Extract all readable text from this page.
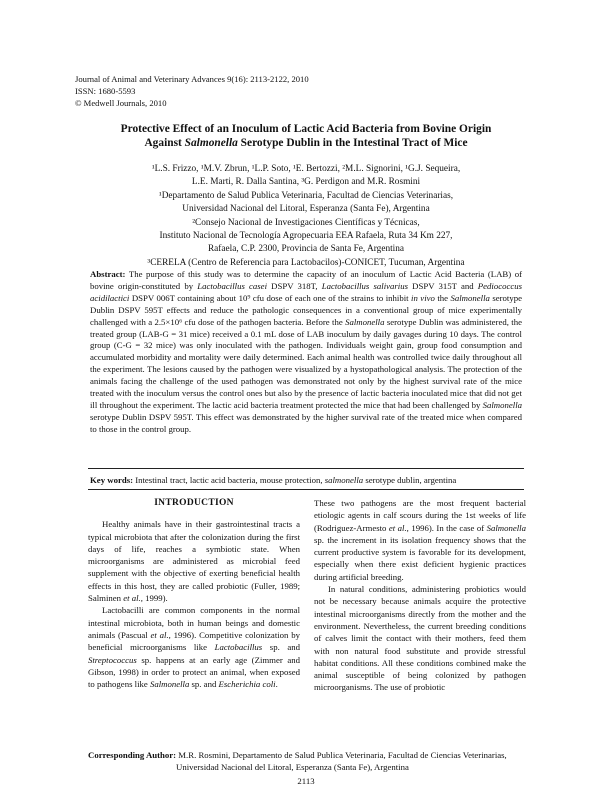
Journal of Animal and Veterinary Advances 9(16): 2113-2122, 2010
ISSN: 1680-5593
© Medwell Journals, 2010
Protective Effect of an Inoculum of Lactic Acid Bacteria from Bovine Origin
Against Salmonella Serotype Dublin in the Intestinal Tract of Mice
¹L.S. Frizzo, ¹M.V. Zbrun, ¹L.P. Soto, ¹E. Bertozzi, ²M.L. Signorini, ¹G.J. Sequeira,
L.E. Marti, R. Dalla Santina, ³G. Perdigon and M.R. Rosmini
¹Departamento de Salud Publica Veterinaria, Facultad de Ciencias Veterinarias,
Universidad Nacional del Litoral, Esperanza (Santa Fe), Argentina
²Consejo Nacional de Investigaciones Científicas y Técnicas,
Instituto Nacional de Tecnología Agropecuaria EEA Rafaela, Ruta 34 Km 227,
Rafaela, C.P. 2300, Provincia de Santa Fe, Argentina
³CERELA (Centro de Referencia para Lactobacilos)-CONICET, Tucuman, Argentina
Abstract: The purpose of this study was to determine the capacity of an inoculum of Lactic Acid Bacteria (LAB) of bovine origin-constituted by Lactobacillus casei DSPV 318T, Lactobacillus salivarius DSPV 315T and Pediococcus acidilactici DSPV 006T containing about 10⁹ cfu dose of each one of the strains to inhibit in vivo the Salmonella serotype Dublin DSPV 595T effects and reduce the pathologic consequences in a conventional group of mice experimentally challenged with a 2.5×10⁶ cfu dose of the pathogen bacteria. Before the Salmonella serotype Dublin was administered, the treated group (LAB-G = 31 mice) received a 0.1 mL dose of LAB inoculum by daily gavages during 10 days. The control group (C-G = 32 mice) was only inoculated with the pathogen. Individuals weight gain, group food consumption and accumulated morbidity and mortality were daily determined. Each animal health was controlled twice daily throughout all the experiment. The lesions caused by the pathogen were visualized by a hystopathological analysis. The protection of the animals facing the challenge of the used pathogen was demonstrated not only by the highest survival rate of the mice treated with the inoculum versus the control ones but also by the presence of lactic bacteria inoculated mice that did not get ill throughout the experiment. The lactic acid bacteria treatment protected the mice that had been challenged by Salmonella serotype Dublin DSPV 595T. This effect was demonstrated by the higher survival rate of the treated mice when compared to those in the control group.
Key words: Intestinal tract, lactic acid bacteria, mouse protection, salmonella serotype dublin, argentina

INTRODUCTION

Healthy animals have in their gastrointestinal tracts a typical microbiota that after the colonization during the first days of life, reaches a symbiotic state. When microorganisms are administered as microbial feed supplement with the objective of exerting beneficial health effects in this host, they are called probiotic (Fuller, 1989; Salminen et al., 1999).

Lactobacilli are common components in the normal intestinal microbiota, both in human beings and domestic animals (Pascual et al., 1996). Competitive colonization by beneficial microorganisms like Lactobacillus sp. and Streptococcus sp. happens at an early age (Zimmer and Gibson, 1998) in order to protect an animal, when exposed to pathogens like Salmonella sp. and Escherichia coli.

These two pathogens are the most frequent bacterial etiologic agents in calf scours during the 1st weeks of life (Rodriguez-Armesto et al., 1996). In the case of Salmonella sp. the increment in its isolation frequency shows that the current productive system is favorable for its development, especially when there exist deficient hygienic practices during artificial breeding.

In natural conditions, administering probiotics would not be necessary because animals acquire the protective intestinal microorganisms directly from the mother and the environment. Nevertheless, the current breeding conditions of calves limit the contact with their mothers, feed them with non natural food substitute and provide stressful habitat conditions. All these conditions combined make the animal susceptible of being colonized by pathogen microorganisms. The use of probiotic

Corresponding Author: M.R. Rosmini, Departamento de Salud Publica Veterinaria, Facultad de Ciencias Veterinarias,
Universidad Nacional del Litoral, Esperanza (Santa Fe), Argentina
2113
